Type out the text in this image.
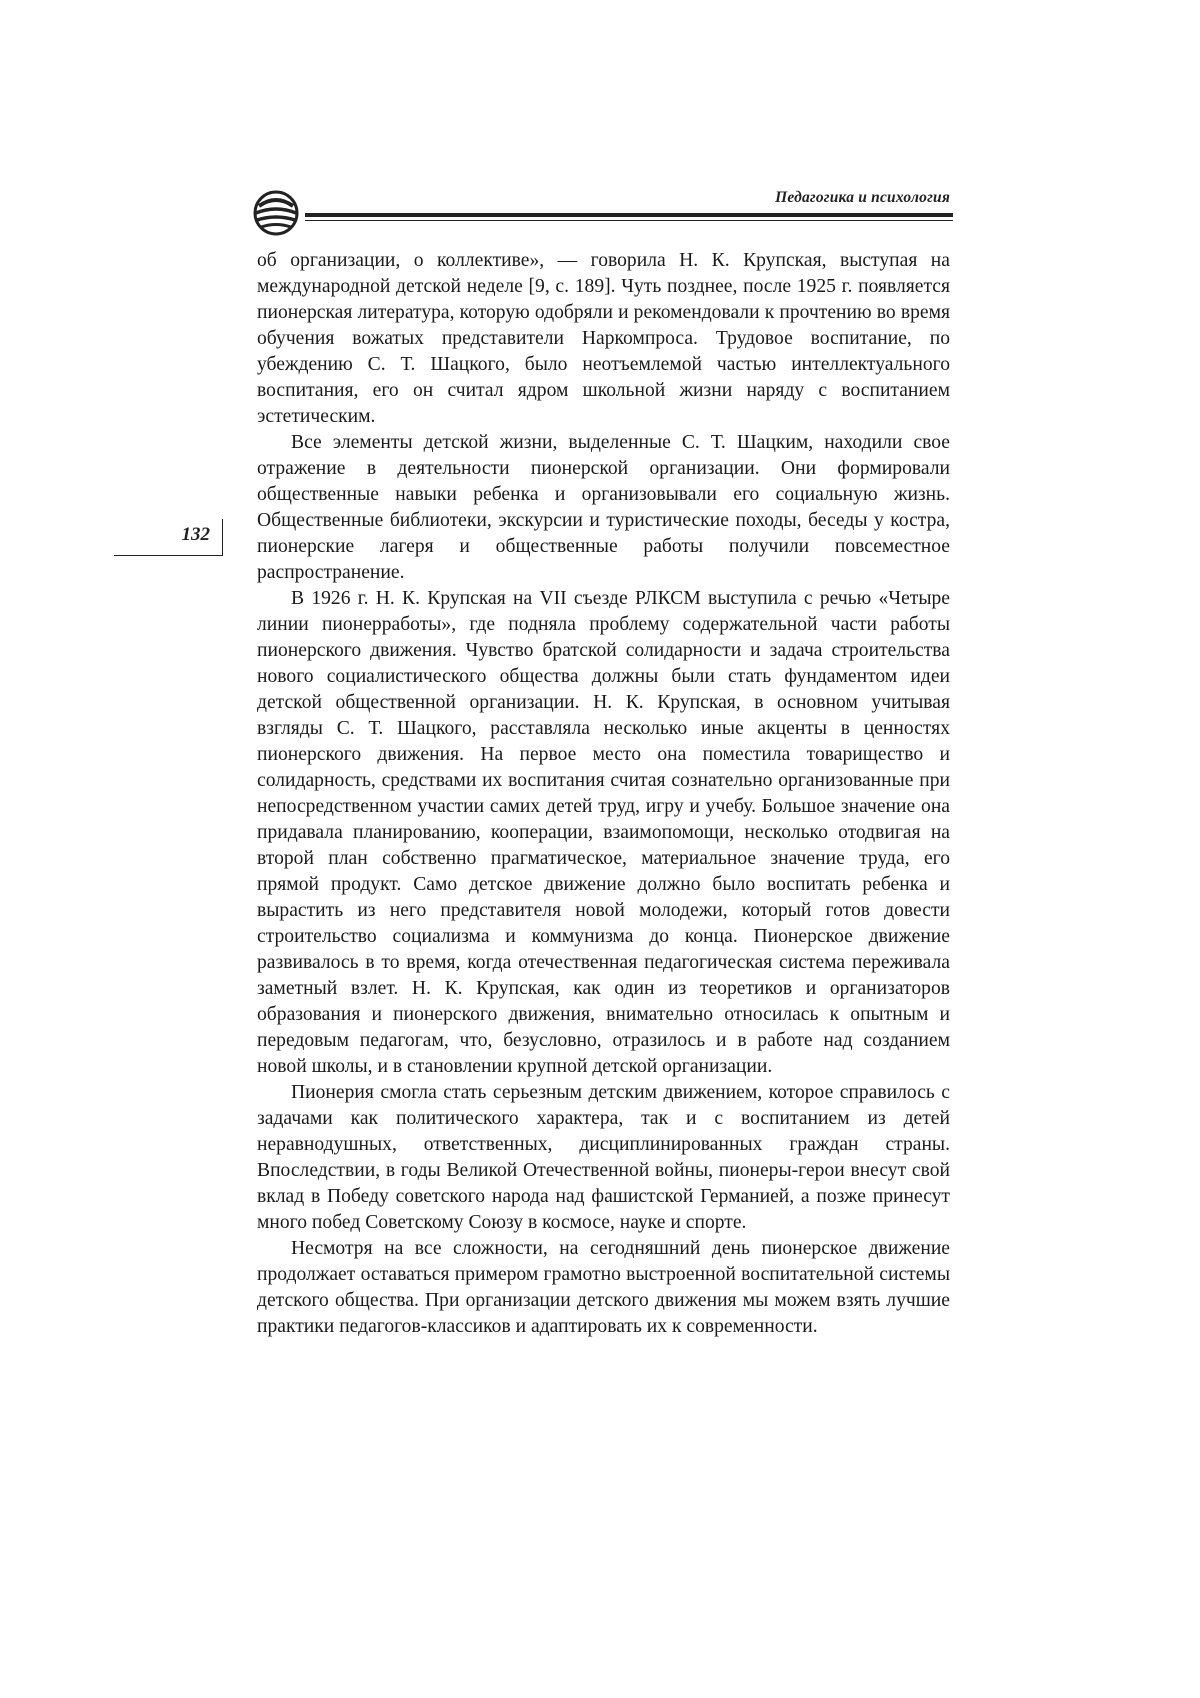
Педагогика и психология
132

об организации, о коллективе», — говорила Н. К. Крупская, выступая на международной детской неделе [9, с. 189]. Чуть позднее, после 1925 г. появляется пионерская литература, которую одобряли и рекомендовали к прочтению во время обучения вожатых представители Наркомпроса. Трудовое воспитание, по убеждению С. Т. Шацкого, было неотъемлемой частью интеллектуального воспитания, его он считал ядром школьной жизни наряду с воспитанием эстетическим.

Все элементы детской жизни, выделенные С. Т. Шацким, находили свое отражение в деятельности пионерской организации. Они формировали общественные навыки ребенка и организовывали его социальную жизнь. Общественные библиотеки, экскурсии и туристические походы, беседы у костра, пионерские лагеря и общественные работы получили повсеместное распространение.

В 1926 г. Н. К. Крупская на VII съезде РЛКСМ выступила с речью «Четыре линии пионерработы», где подняла проблему содержательной части работы пионерского движения. Чувство братской солидарности и задача строительства нового социалистического общества должны были стать фундаментом идеи детской общественной организации. Н. К. Крупская, в основном учитывая взгляды С. Т. Шацкого, расставляла несколько иные акценты в ценностях пионерского движения. На первое место она поместила товарищество и солидарность, средствами их воспитания считая сознательно организованные при непосредственном участии самих детей труд, игру и учебу. Большое значение она придавала планированию, кооперации, взаимопомощи, несколько отодвигая на второй план собственно прагматическое, материальное значение труда, его прямой продукт. Само детское движение должно было воспитать ребенка и вырастить из него представителя новой молодежи, который готов довести строительство социализма и коммунизма до конца. Пионерское движение развивалось в то время, когда отечественная педагогическая система переживала заметный взлет. Н. К. Крупская, как один из теоретиков и организаторов образования и пионерского движения, внимательно относилась к опытным и передовым педагогам, что, безусловно, отразилось и в работе над созданием новой школы, и в становлении крупной детской организации.

Пионерия смогла стать серьезным детским движением, которое справилось с задачами как политического характера, так и с воспитанием из детей неравнодушных, ответственных, дисциплинированных граждан страны. Впоследствии, в годы Великой Отечественной войны, пионеры-герои внесут свой вклад в Победу советского народа над фашистской Германией, а позже принесут много побед Советскому Союзу в космосе, науке и спорте.

Несмотря на все сложности, на сегодняшний день пионерское движение продолжает оставаться примером грамотно выстроенной воспитательной системы детского общества. При организации детского движения мы можем взять лучшие практики педагогов-классиков и адаптировать их к современности.
